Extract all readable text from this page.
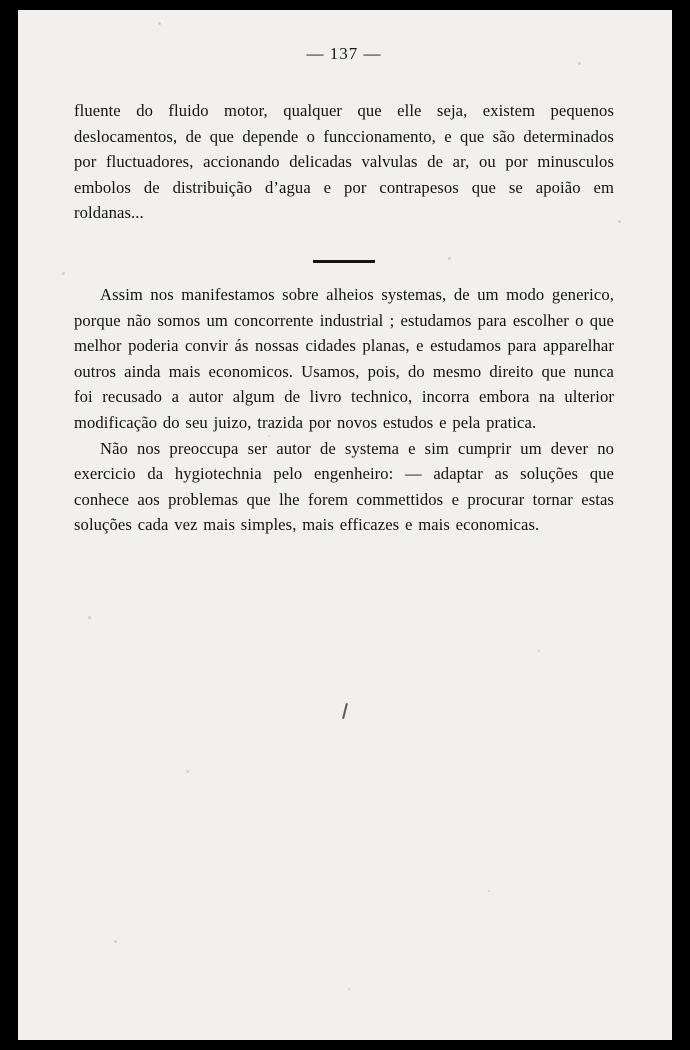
— 137 —

fluente do fluido motor, qualquer que elle seja, existem pequenos deslocamentos, de que depende o funccionamento, e que são determinados por fluctuadores, accionando delicadas valvulas de ar, ou por minusculos embolos de distribuição d’agua e por contrapesos que se apoião em roldanas...

Assim nos manifestamos sobre alheios systemas, de um modo generico, porque não somos um concorrente industrial ; estudamos para escolher o que melhor poderia convir ás nossas cidades planas, e estudamos para apparelhar outros ainda mais economicos. Usamos, pois, do mesmo direito que nunca foi recusado a autor algum de livro technico, incorra embora na ulterior modificação do seu juizo, trazida por novos estudos e pela pratica.

Não nos preoccupa ser autor de systema e sim cumprir um dever no exercicio da hygiotechnia pelo engenheiro: — adaptar as soluções que conhece aos problemas que lhe forem commettidos e procurar tornar estas soluções cada vez mais simples, mais efficazes e mais economicas.
